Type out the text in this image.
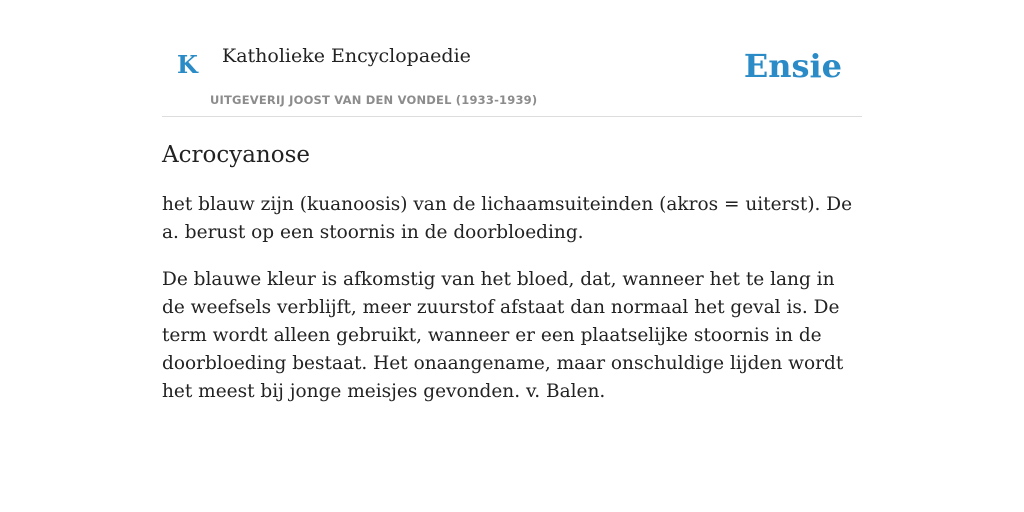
K Katholieke Encyclopaedie
UITGEVERIJ JOOST VAN DEN VONDEL (1933-1939)
Ensie
Acrocyanose

het blauw zijn (kuanoosis) van de lichaamsuiteinden (akros = uiterst). De a. berust op een stoornis in de doorbloeding.

De blauwe kleur is afkomstig van het bloed, dat, wanneer het te lang in de weefsels verblijft, meer zuurstof afstaat dan normaal het geval is. De term wordt alleen gebruikt, wanneer er een plaatselijke stoornis in de doorbloeding bestaat. Het onaangename, maar onschuldige lijden wordt het meest bij jonge meisjes gevonden. v. Balen.
